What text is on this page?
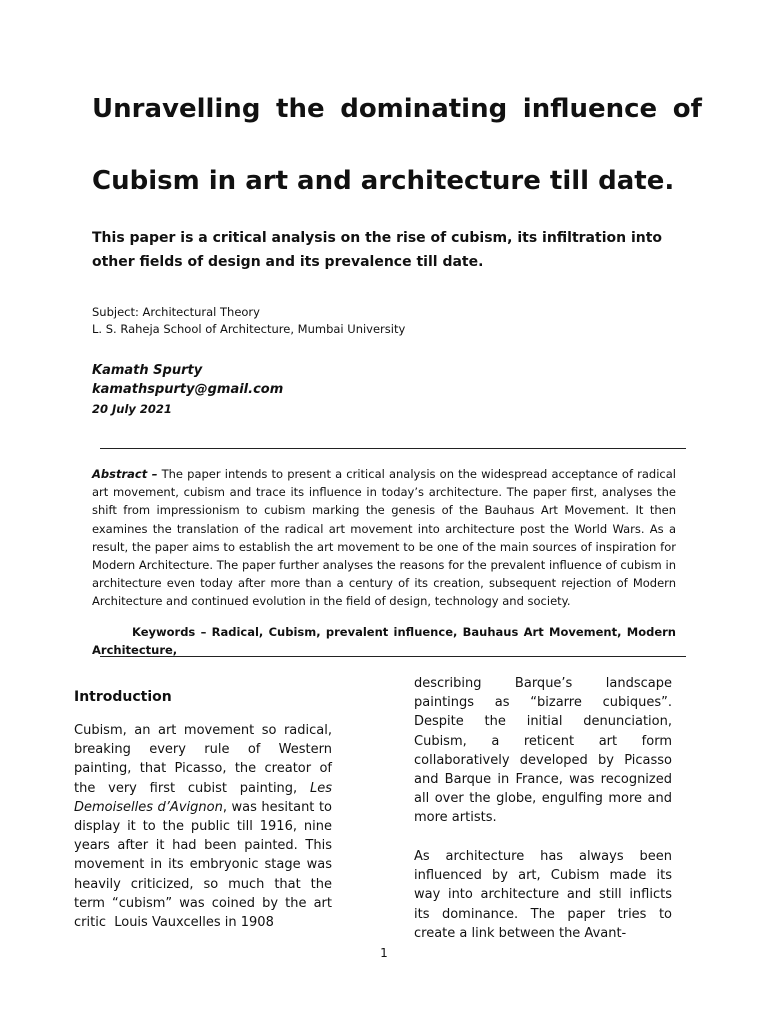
Unravelling the dominating influence of
Cubism in art and architecture till date.

This paper is a critical analysis on the rise of cubism, its infiltration into other fields of design and its prevalence till date.

Subject: Architectural Theory

L. S. Raheja School of Architecture, Mumbai University

Kamath Spurty

kamathspurty@gmail.com

20 July 2021

Abstract – The paper intends to present a critical analysis on the widespread acceptance of radical art movement, cubism and trace its influence in today’s architecture. The paper first, analyses the shift from impressionism to cubism marking the genesis of the Bauhaus Art Movement. It then examines the translation of the radical art movement into architecture post the World Wars. As a result, the paper aims to establish the art movement to be one of the main sources of inspiration for Modern Architecture. The paper further analyses the reasons for the prevalent influence of cubism in architecture even today after more than a century of its creation, subsequent rejection of Modern Architecture and continued evolution in the field of design, technology and society.

Keywords – Radical, Cubism, prevalent influence, Bauhaus Art Movement, Modern Architecture,

Introduction

Cubism, an art movement so radical, breaking every rule of Western painting, that Picasso, the creator of the very first cubist painting, Les Demoiselles d’Avignon, was hesitant to display it to the public till 1916, nine years after it had been painted. This movement in its embryonic stage was heavily criticized, so much that the term “cubism” was coined by the art critic  Louis Vauxcelles in 1908

describing Barque’s landscape paintings as “bizarre cubiques”. Despite the initial denunciation, Cubism, a reticent art form collaboratively developed by Picasso and Barque in France, was recognized all over the globe, engulfing more and more artists.

As architecture has always been influenced by art, Cubism made its way into architecture and still inflicts its dominance. The paper tries to create a link between the Avant-

1
